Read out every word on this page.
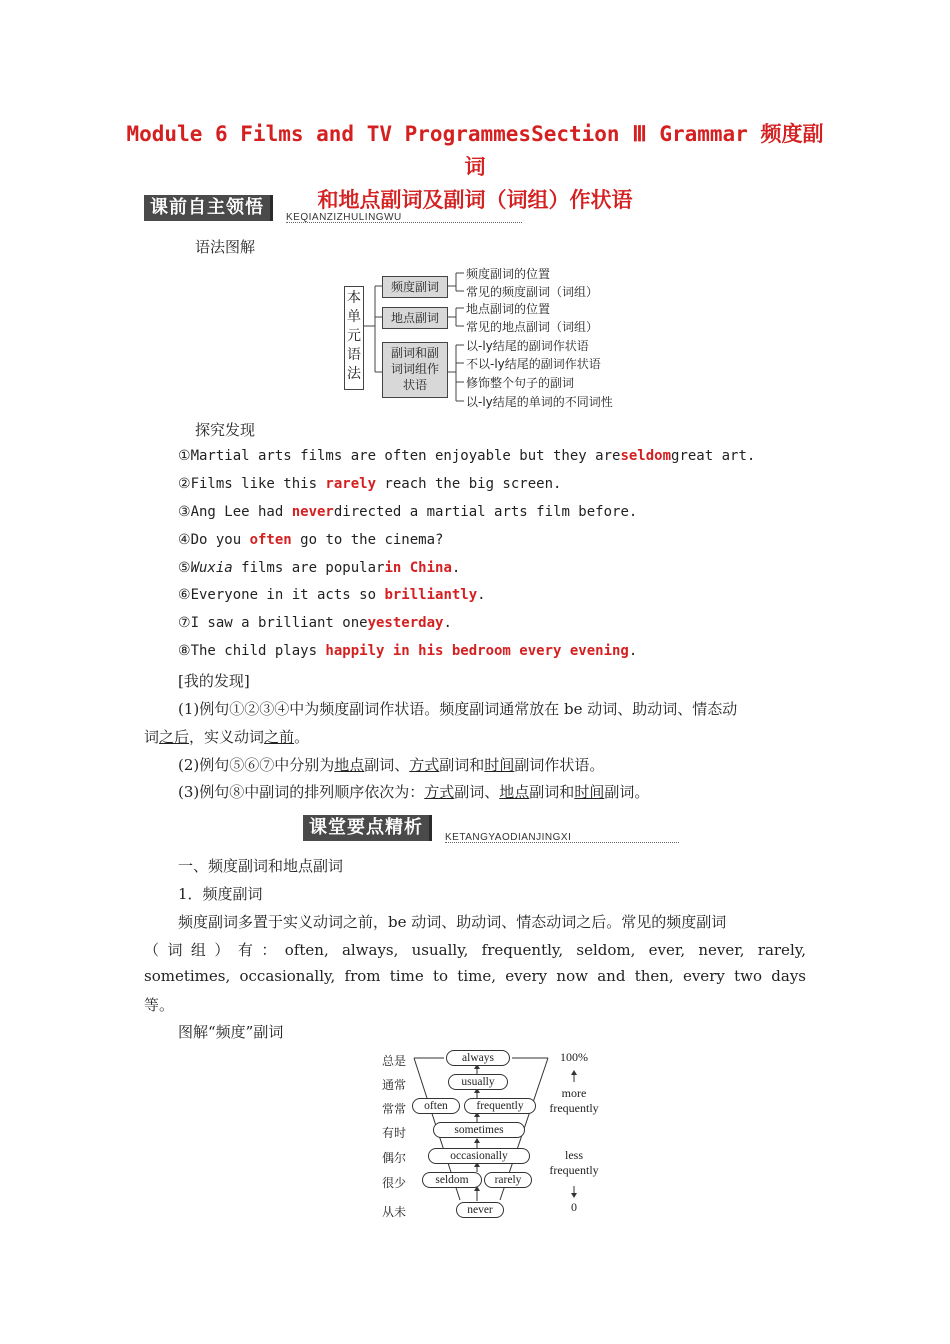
Module 6 Films and TV ProgrammesSection Ⅲ Grammar 频度副词
和地点副词及副词（词组）作状语
课前自主领悟	KEQIANZIZHULINGWU
语法图解
本
单
元
语
法
频度副词
地点副词
副词和副
词词组作
状语
频度副词的位置
常见的频度副词（词组）
地点副词的位置
常见的地点副词（词组）
以-ly结尾的副词作状语
不以-ly结尾的副词作状语
修饰整个句子的副词
以-ly结尾的单词的不同词性
探究发现
①Martial arts films are often enjoyable but they areseldomgreat art.
②Films like this rarely reach the big screen.
③Ang Lee had neverdirected a martial arts film before.
④Do you often go to the cinema?
⑤Wuxia films are popularin China.
⑥Everyone in it acts so brilliantly.
⑦I saw a brilliant oneyesterday.
⑧The child plays happily in his bedroom every evening.
[我的发现]
(1)例句①②③④中为频度副词作状语。频度副词通常放在 be 动词、助动词、情态动
词之后，实义动词之前。
(2)例句⑤⑥⑦中分别为地点副词、方式副词和时间副词作状语。
(3)例句⑧中副词的排列顺序依次为：方式副词、地点副词和时间副词。
课堂要点精析	KETANGYAODIANJINGXI
一、频度副词和地点副词
1．频度副词
频度副词多置于实义动词之前，be 动词、助动词、情态动词之后。常见的频度副词
（词组）有：often, always, usually, frequently, seldom, ever, never, rarely,
sometimes, occasionally, from time to time, every now and then, every two days
等。
图解“频度”副词
总是
通常
常常
有时
偶尔
很少
从未
always
usually
often	frequently
sometimes
occasionally
seldom	rarely
never
100%
more
frequently
less
frequently
0
